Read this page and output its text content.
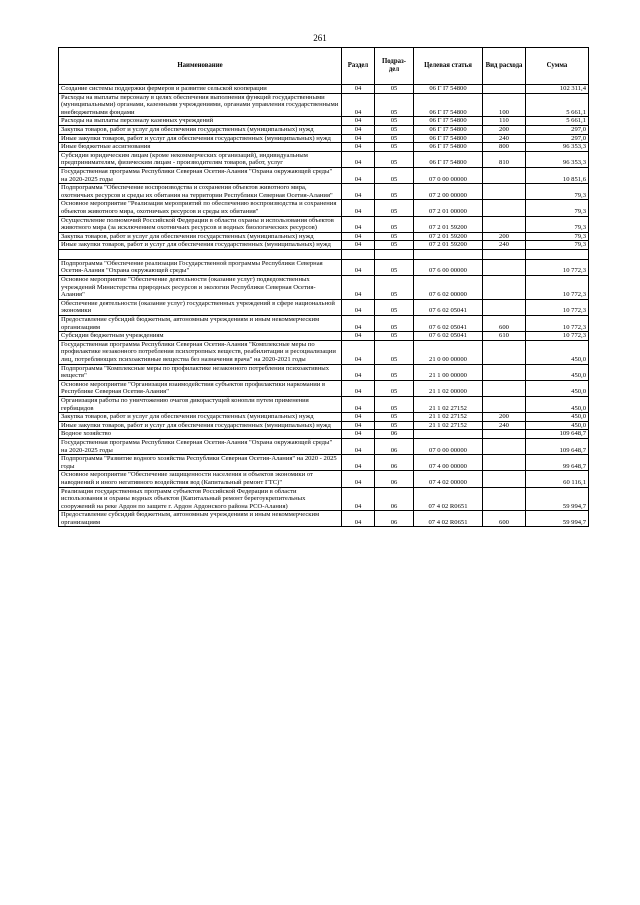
261
Наименование	Раздел	Подраз-
дел	Целевая статья	Вид расхода	Сумма
Создание системы поддержки фермеров и развитие сельской кооперации	04	05	06 Г I7 54800		102 311,4
Расходы на выплаты персоналу в целях обеспечения выполнения функций государственными (муниципальными) органами, казенными учреждениями, органами управления государственными внебюджетными фондами	04	05	06 Г I7 54800	100	5 661,1
Расходы на выплаты персоналу казенных учреждений	04	05	06 Г I7 54800	110	5 661,1
Закупка товаров, работ и услуг для обеспечения государственных (муниципальных) нужд	04	05	06 Г I7 54800	200	297,0
Иные закупки товаров, работ и услуг для обеспечения государственных (муниципальных) нужд	04	05	06 Г I7 54800	240	297,0
Иные бюджетные ассигнования	04	05	06 Г I7 54800	800	96 353,3
Субсидии юридическим лицам (кроме некоммерческих организаций), индивидуальным предпринимателям, физическим лицам - производителям товаров, работ, услуг	04	05	06 Г I7 54800	810	96 353,3
Государственная программа Республики Северная Осетия-Алания "Охрана окружающей среды" на 2020-2025 годы	04	05	07 0 00 00000		10 851,6
Подпрограмма "Обеспечение воспроизводства и сохранения объектов животного мира, охотничьих ресурсов и среды их обитания на территории Республики Северная Осетия-Алания"	04	05	07 2 00 00000		79,3
Основное мероприятие "Реализация мероприятий по обеспечению воспроизводства и сохранения объектов животного мира, охотничьих ресурсов и среды их обитания"	04	05	07 2 01 00000		79,3
Осуществление полномочий Российской Федерации в области охраны и использования объектов животного мира (за исключением охотничьих ресурсов и водных биологических ресурсов)	04	05	07 2 01 59200		79,3
Закупка товаров, работ и услуг для обеспечения государственных (муниципальных) нужд	04	05	07 2 01 59200	200	79,3
Иные закупки товаров, работ и услуг для обеспечения государственных (муниципальных) нужд	04	05	07 2 01 59200	240	79,3

Подпрограмма "Обеспечение реализации Государственной программы Республики Северная Осетия-Алания "Охрана окружающей среды"	04	05	07 6 00 00000		10 772,3
Основное мероприятие "Обеспечение деятельности (оказание услуг) подведомственных учреждений Министерства природных ресурсов и экологии Республики Северная Осетия-Алания"	04	05	07 6 02 00000		10 772,3
Обеспечение деятельности (оказание услуг) государственных учреждений в сфере национальной экономики	04	05	07 6 02 05041		10 772,3
Предоставление субсидий бюджетным, автономным учреждениям и иным некоммерческим организациям	04	05	07 6 02 05041	600	10 772,3
Субсидии бюджетным учреждениям	04	05	07 6 02 05041	610	10 772,3
Государственная программа Республики Северная Осетия-Алания "Комплексные меры по профилактике незаконного потребления психотропных веществ, реабилитации и ресоциализации лиц, потребляющих психоактивные вещества без назначения врача" на 2020-2021 годы	04	05	21 0 00 00000		450,0
Подпрограмма "Комплексные меры по профилактике незаконного потребления психоактивных веществ"	04	05	21 1 00 00000		450,0
Основное мероприятие "Организация взаимодействия субъектов профилактики наркомании в Республике Северная Осетия-Алания"	04	05	21 1 02 00000		450,0
Организация работы по уничтожению очагов дикорастущей конопли путем применения гербицидов	04	05	21 1 02 27152		450,0
Закупка товаров, работ и услуг для обеспечения государственных (муниципальных) нужд	04	05	21 1 02 27152	200	450,0
Иные закупки товаров, работ и услуг для обеспечения государственных (муниципальных) нужд	04	05	21 1 02 27152	240	450,0
Водное хозяйство	04	06			109 648,7
Государственная программа Республики Северная Осетия-Алания "Охрана окружающей среды" на 2020-2025 годы	04	06	07 0 00 00000		109 648,7
Подпрограмма "Развитие водного хозяйства Республики Северная Осетия-Алания" на 2020 - 2025 годы	04	06	07 4 00 00000		99 648,7
Основное мероприятие "Обеспечение защищенности населения и объектов экономики от наводнений и иного негативного воздействия вод (Капитальный ремонт ГТС)"	04	06	07 4 02 00000		60 116,1
Реализация государственных программ субъектов Российской Федерации в области использования и охраны водных объектов (Капитальный ремонт берегоукрепительных сооружений на реке Ардон по защите г. Ардон Ардонского района РСО-Алания)	04	06	07 4 02 R0651		59 994,7
Предоставление субсидий бюджетным, автономным учреждениям и иным некоммерческим организациям	04	06	07 4 02 R0651	600	59 994,7
